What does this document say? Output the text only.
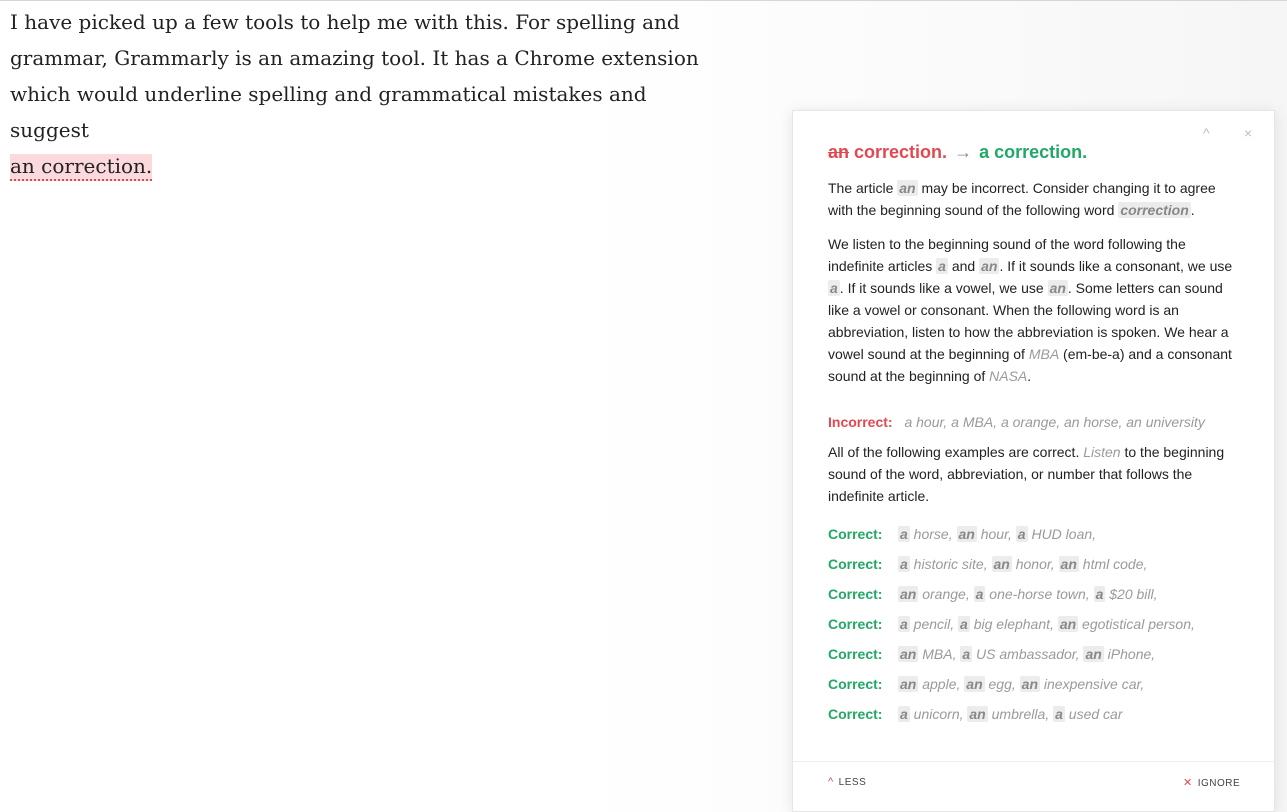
I have picked up a few tools to help me with this. For spelling and
grammar, Grammarly is an amazing tool. It has a Chrome extension
which would underline spelling and grammatical mistakes and suggest
an correction.
^ ×
an correction. → a correction.

The article an may be incorrect. Consider changing it to agree with the beginning sound of the following word correction .

We listen to the beginning sound of the word following the indefinite articles a and an . If it sounds like a consonant, we use a . If it sounds like a vowel, we use an . Some letters can sound like a vowel or consonant. When the following word is an abbreviation, listen to how the abbreviation is spoken. We hear a vowel sound at the beginning of MBA (em-be-a) and a consonant sound at the beginning of NASA.

Incorrect: a hour, a MBA, a orange, an horse, an university

All of the following examples are correct. Listen to the beginning sound of the word, abbreviation, or number that follows the indefinite article.

Correct: a horse, an hour, a HUD loan,
Correct: a historic site, an honor, an html code,
Correct: an orange, a one-horse town, a $20 bill,
Correct: a pencil, a big elephant, an egotistical person,
Correct: an MBA, a US ambassador, an iPhone,
Correct: an apple, an egg, an inexpensive car,
Correct: a unicorn, an umbrella, a used car
^ LESS	✕ IGNORE
